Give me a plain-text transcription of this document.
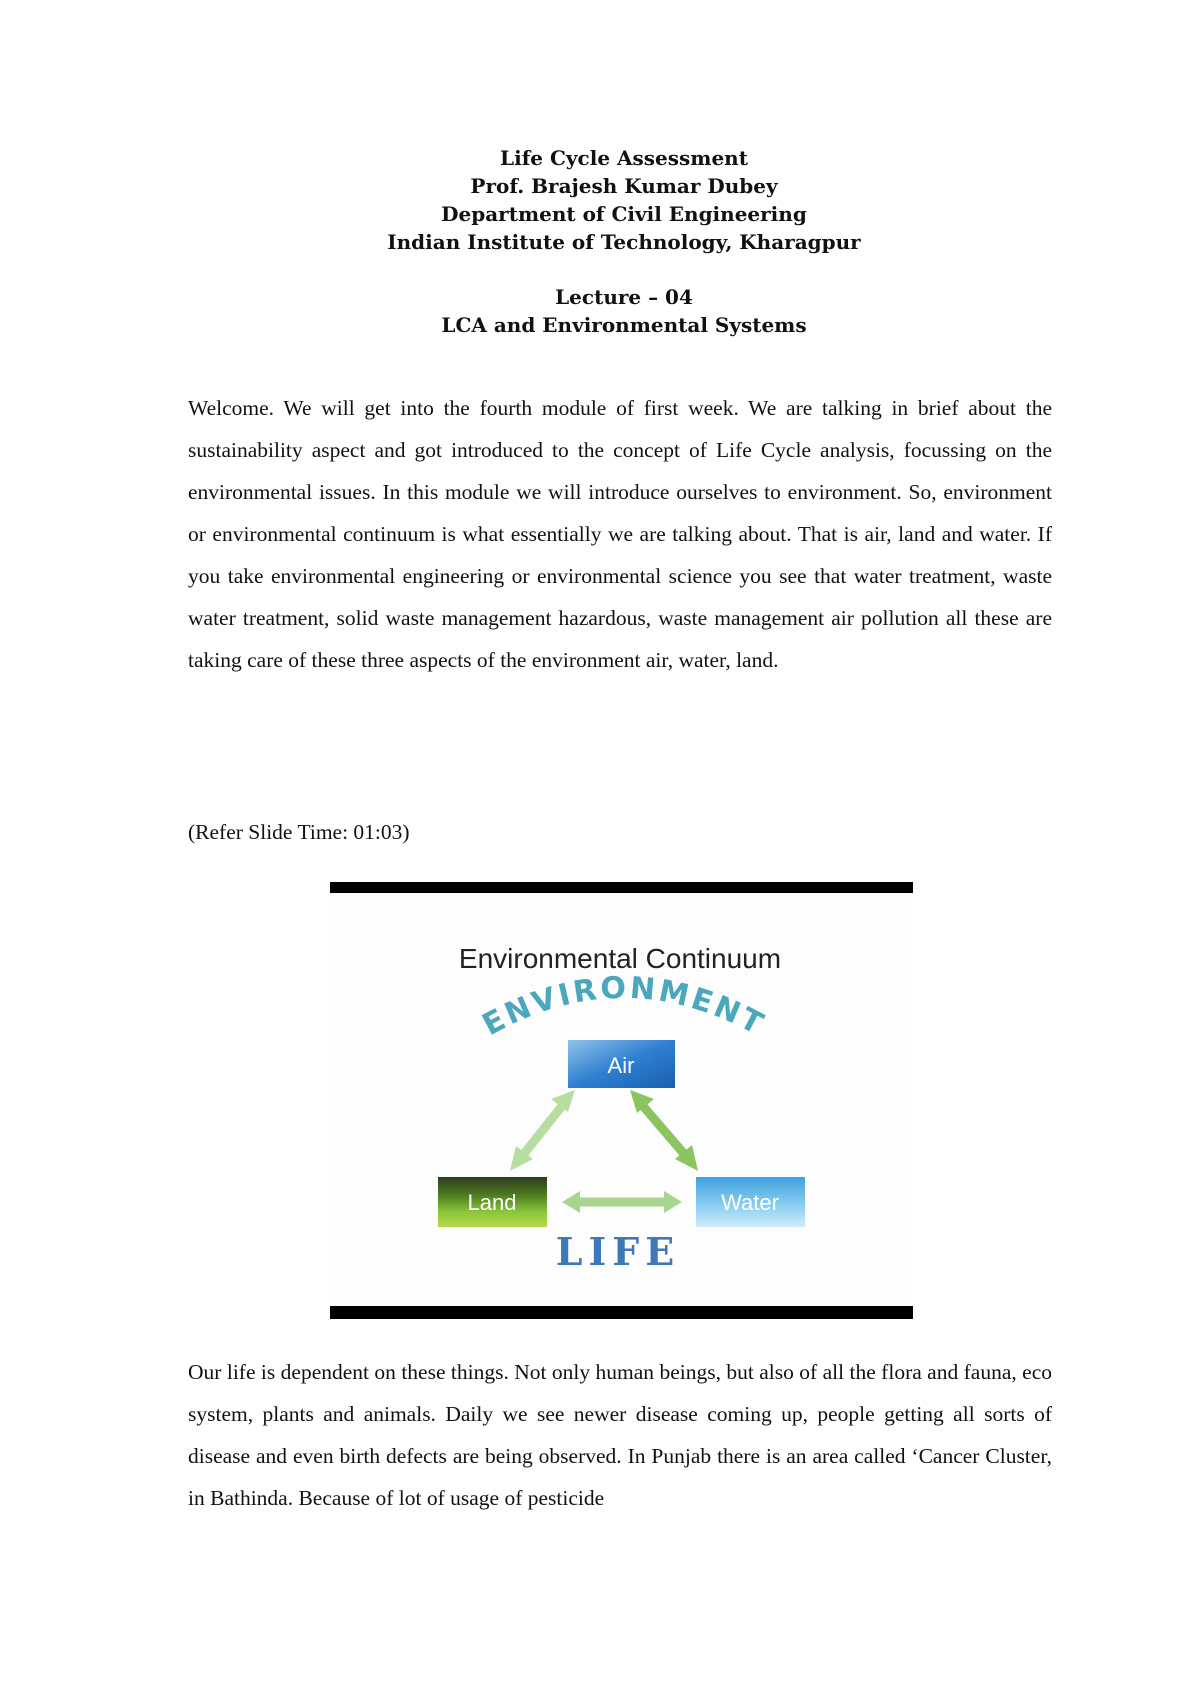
Life Cycle Assessment
Prof. Brajesh Kumar Dubey
Department of Civil Engineering
Indian Institute of Technology, Kharagpur
Lecture – 04
LCA and Environmental Systems
Welcome. We will get into the fourth module of first week. We are talking in brief about the sustainability aspect and got introduced to the concept of Life Cycle analysis, focussing on the environmental issues. In this module we will introduce ourselves to environment. So, environment or environmental continuum is what essentially we are talking about. That is air, land and water. If you take environmental engineering or environmental science you see that water treatment, waste water treatment, solid waste management hazardous, waste management air pollution all these are taking care of these three aspects of the environment air, water, land.
(Refer Slide Time: 01:03)
Environmental Continuum
ENVIRONMENT
Air
Land	Water
LIFE
Our life is dependent on these things. Not only human beings, but also of all the flora and fauna, eco system, plants and animals. Daily we see newer disease coming up, people getting all sorts of disease and even birth defects are being observed. In Punjab there is an area called ‘Cancer Cluster, in Bathinda. Because of lot of usage of pesticide
